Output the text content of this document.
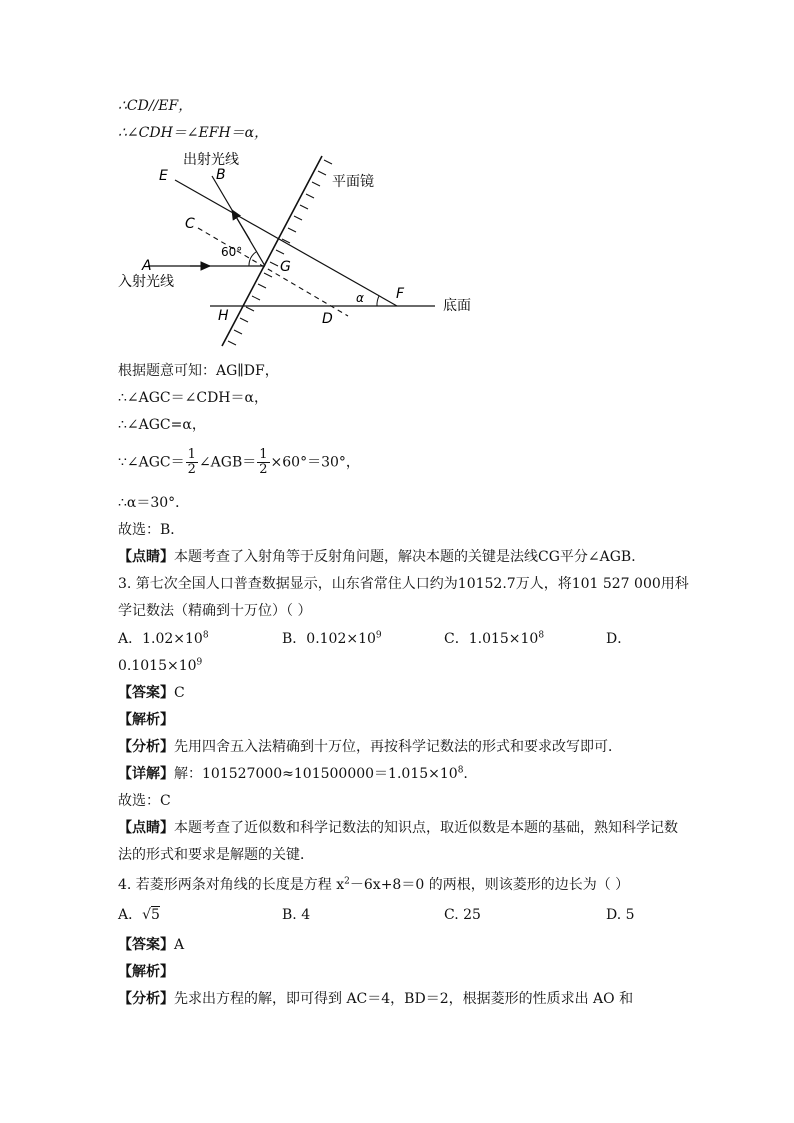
∴CD//EF，
∴∠CDH＝∠EFH＝α，
出射光线
平面镜
入射光线
底面
E	B
C
A	G
H	D
F
60°
α
根据题意可知：AG∥DF，
∴∠AGC＝∠CDH＝α，
∴∠AGC=α，
∵∠AGC＝ $\frac{1}{2}$ ∠AGB＝ $\frac{1}{2} \times 60^\circ=30^\circ$，
∴α＝30°．
故选：B．
【点睛】本题考查了入射角等于反射角问题，解决本题的关键是法线CG平分∠AGB．
3. 第七次全国人口普查数据显示，山东省常住人口约为10152.7万人，将101 527 000用科
学记数法（精确到十万位）（ ）
A．$1.02\times 10^8$	B．$0.102\times 10^9$	C．$1.015\times 10^8$	D．
$0.1015\times 10^9$
【答案】C
【解析】
【分析】先用四舍五入法精确到十万位，再按科学记数法的形式和要求改写即可．
【详解】解：$101527000\approx 101500000=1.015\times 10^8$.
故选：C
【点睛】本题考查了近似数和科学记数法的知识点，取近似数是本题的基础，熟知科学记数
法的形式和要求是解题的关键．
4. 若菱形两条对角线的长度是方程 $x^2-6x+8=0$ 的两根，则该菱形的边长为（ ）
A．√5	B. 4	C. 25	D. 5
【答案】A
【解析】
【分析】先求出方程的解，即可得到 AC＝4，BD＝2，根据菱形的性质求出 AO 和
